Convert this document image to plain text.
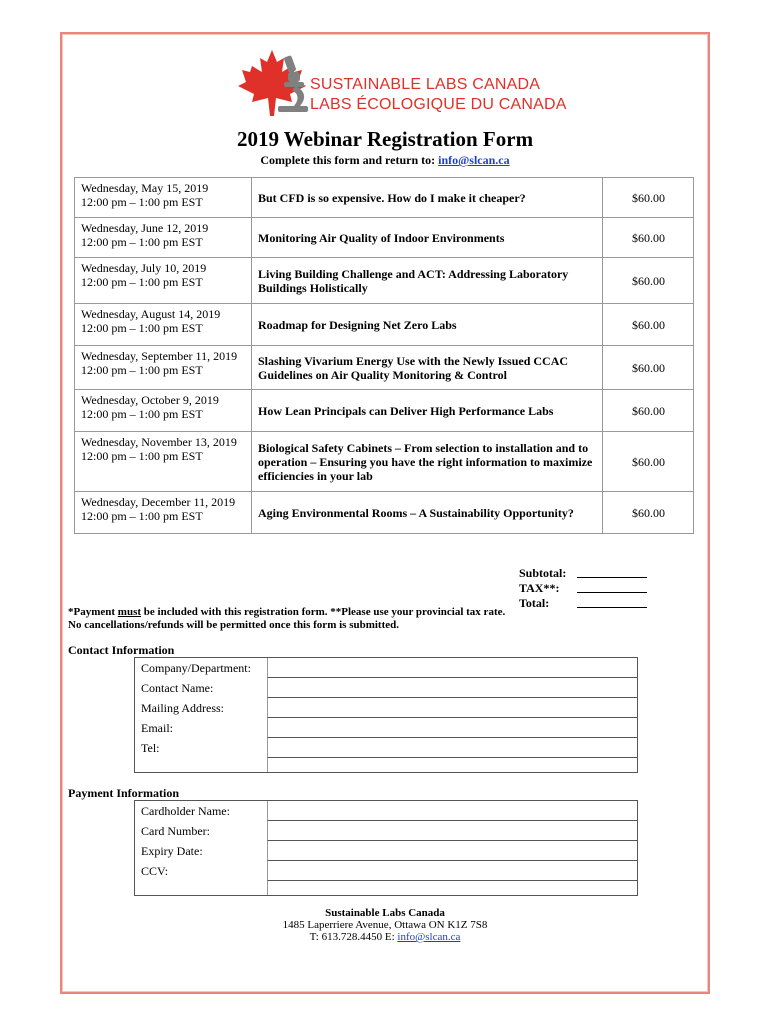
SUSTAINABLE LABS CANADA
LABS ÉCOLOGIQUE DU CANADA
2019 Webinar Registration Form
Complete this form and return to: info@slcan.ca
Wednesday, May 15, 2019
12:00 pm – 1:00 pm EST	But CFD is so expensive. How do I make it cheaper?	$60.00

Wednesday, June 12, 2019
12:00 pm – 1:00 pm EST	Monitoring Air Quality of Indoor Environments	$60.00

Wednesday, July 10, 2019
12:00 pm – 1:00 pm EST	Living Building Challenge and ACT: Addressing Laboratory Buildings Holistically	$60.00

Wednesday, August 14, 2019
12:00 pm – 1:00 pm EST	Roadmap for Designing Net Zero Labs	$60.00

Wednesday, September 11, 2019
12:00 pm – 1:00 pm EST	Slashing Vivarium Energy Use with the Newly Issued CCAC Guidelines on Air Quality Monitoring & Control	$60.00

Wednesday, October 9, 2019
12:00 pm – 1:00 pm EST	How Lean Principals can Deliver High Performance Labs	$60.00

Wednesday, November 13, 2019
12:00 pm – 1:00 pm EST	Biological Safety Cabinets – From selection to installation and to operation – Ensuring you have the right information to maximize efficiencies in your lab	$60.00

Wednesday, December 11, 2019
12:00 pm – 1:00 pm EST	Aging Environmental Rooms – A Sustainability Opportunity?	$60.00
Subtotal:
TAX**:
Total:
*Payment must be included with this registration form. **Please use your provincial tax rate.
No cancellations/refunds will be permitted once this form is submitted.
Contact Information
Company/Department:
Contact Name:
Mailing Address:
Email:
Tel:
Payment Information
Cardholder Name:
Card Number:
Expiry Date:
CCV:
Sustainable Labs Canada
1485 Laperriere Avenue, Ottawa ON K1Z 7S8
T: 613.728.4450 E: info@slcan.ca
